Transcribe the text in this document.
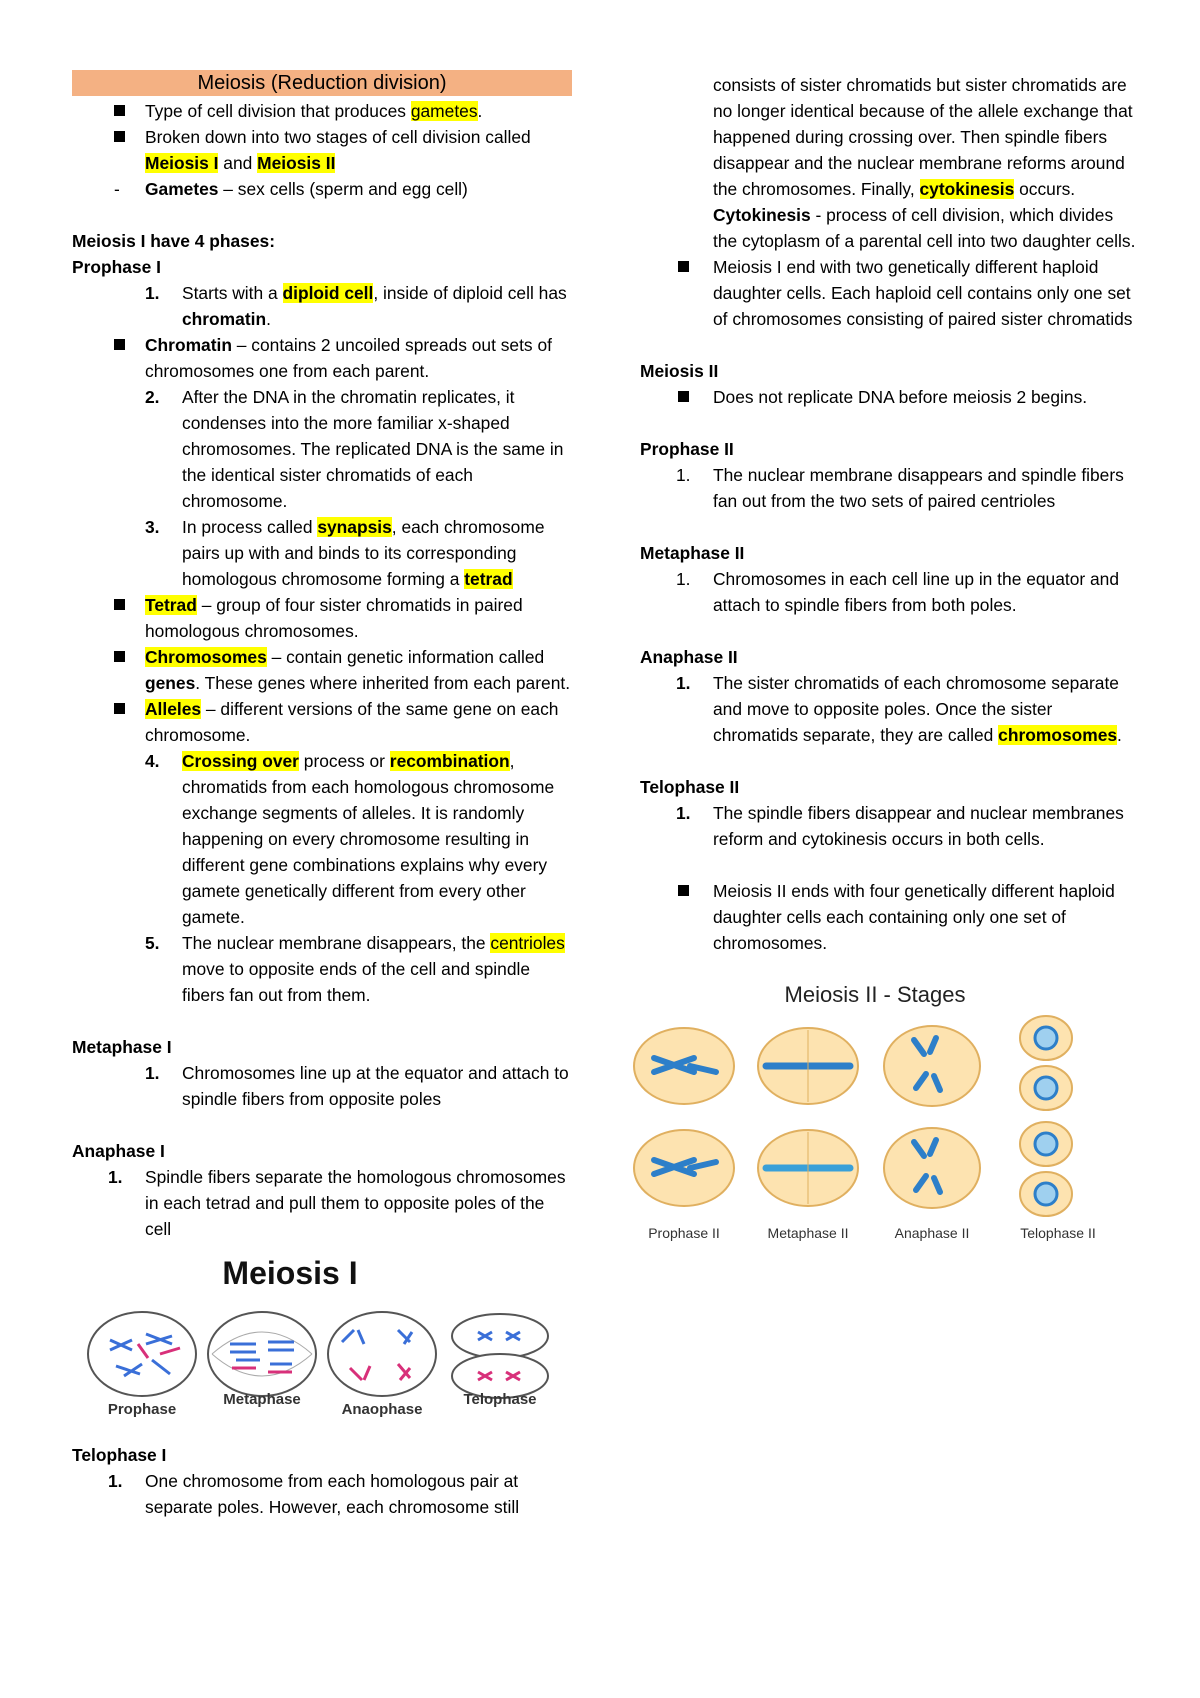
Meiosis (Reduction division)
Type of cell division that produces gametes.
Broken down into two stages of cell division called Meiosis I and Meiosis II
- Gametes – sex cells (sperm and egg cell)
Meiosis I have 4 phases:
Prophase I
1. Starts with a diploid cell, inside of diploid cell has chromatin.
Chromatin – contains 2 uncoiled spreads out sets of chromosomes one from each parent.
2. After the DNA in the chromatin replicates, it condenses into the more familiar x-shaped chromosomes. The replicated DNA is the same in the identical sister chromatids of each chromosome.
3. In process called synapsis, each chromosome pairs up with and binds to its corresponding homologous chromosome forming a tetrad
Tetrad – group of four sister chromatids in paired homologous chromosomes.
Chromosomes – contain genetic information called genes. These genes where inherited from each parent.
Alleles – different versions of the same gene on each chromosome.
4. Crossing over process or recombination, chromatids from each homologous chromosome exchange segments of alleles. It is randomly happening on every chromosome resulting in different gene combinations explains why every gamete genetically different from every other gamete.
5. The nuclear membrane disappears, the centrioles move to opposite ends of the cell and spindle fibers fan out from them.
Metaphase I
1. Chromosomes line up at the equator and attach to spindle fibers from opposite poles
Anaphase I
1. Spindle fibers separate the homologous chromosomes in each tetrad and pull them to opposite poles of the cell
Meiosis I
Prophase
Metaphase
Anaophase
Telophase
Telophase I
1. One chromosome from each homologous pair at separate poles. However, each chromosome still
consists of sister chromatids but sister chromatids are no longer identical because of the allele exchange that happened during crossing over. Then spindle fibers disappear and the nuclear membrane reforms around the chromosomes. Finally, cytokinesis occurs.
Cytokinesis - process of cell division, which divides the cytoplasm of a parental cell into two daughter cells.
Meiosis I end with two genetically different haploid daughter cells. Each haploid cell contains only one set of chromosomes consisting of paired sister chromatids
Meiosis II
Does not replicate DNA before meiosis 2 begins.
Prophase II
1. The nuclear membrane disappears and spindle fibers fan out from the two sets of paired centrioles
Metaphase II
1. Chromosomes in each cell line up in the equator and attach to spindle fibers from both poles.
Anaphase II
1. The sister chromatids of each chromosome separate and move to opposite poles. Once the sister chromatids separate, they are called chromosomes.
Telophase II
1. The spindle fibers disappear and nuclear membranes reform and cytokinesis occurs in both cells.
Meiosis II ends with four genetically different haploid daughter cells each containing only one set of chromosomes.
Meiosis II - Stages
Prophase II	Metaphase II	Anaphase II	Telophase II
